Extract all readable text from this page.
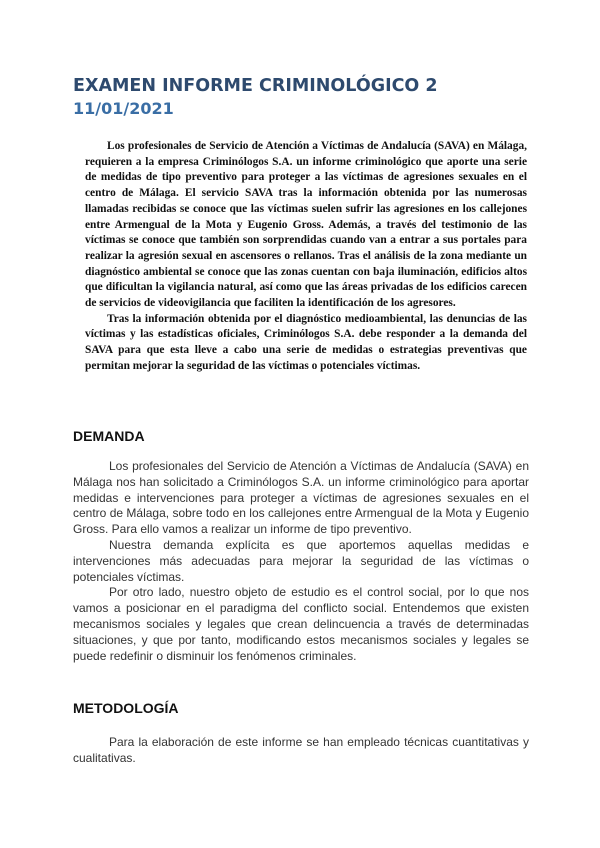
EXAMEN INFORME CRIMINOLÓGICO 2
11/01/2021

Los profesionales de Servicio de Atención a Víctimas de Andalucía (SAVA) en Málaga, requieren a la empresa Criminólogos S.A. un informe criminológico que aporte una serie de medidas de tipo preventivo para proteger a las víctimas de agresiones sexuales en el centro de Málaga. El servicio SAVA tras la información obtenida por las numerosas llamadas recibidas se conoce que las víctimas suelen sufrir las agresiones en los callejones entre Armengual de la Mota y Eugenio Gross. Además, a través del testimonio de las víctimas se conoce que también son sorprendidas cuando van a entrar a sus portales para realizar la agresión sexual en ascensores o rellanos. Tras el análisis de la zona mediante un diagnóstico ambiental se conoce que las zonas cuentan con baja iluminación, edificios altos que dificultan la vigilancia natural, así como que las áreas privadas de los edificios carecen de servicios de videovigilancia que faciliten la identificación de los agresores.

Tras la información obtenida por el diagnóstico medioambiental, las denuncias de las víctimas y las estadísticas oficiales, Criminólogos S.A. debe responder a la demanda del SAVA para que esta lleve a cabo una serie de medidas o estrategias preventivas que permitan mejorar la seguridad de las víctimas o potenciales víctimas.

DEMANDA

Los profesionales del Servicio de Atención a Víctimas de Andalucía (SAVA) en Málaga nos han solicitado a Criminólogos S.A. un informe criminológico para aportar medidas e intervenciones para proteger a víctimas de agresiones sexuales en el centro de Málaga, sobre todo en los callejones entre Armengual de la Mota y Eugenio Gross. Para ello vamos a realizar un informe de tipo preventivo.

Nuestra demanda explícita es que aportemos aquellas medidas e intervenciones más adecuadas para mejorar la seguridad de las víctimas o potenciales víctimas.

Por otro lado, nuestro objeto de estudio es el control social, por lo que nos vamos a posicionar en el paradigma del conflicto social. Entendemos que existen mecanismos sociales y legales que crean delincuencia a través de determinadas situaciones, y que por tanto, modificando estos mecanismos sociales y legales se puede redefinir o disminuir los fenómenos criminales.

METODOLOGÍA

Para la elaboración de este informe se han empleado técnicas cuantitativas y cualitativas.
